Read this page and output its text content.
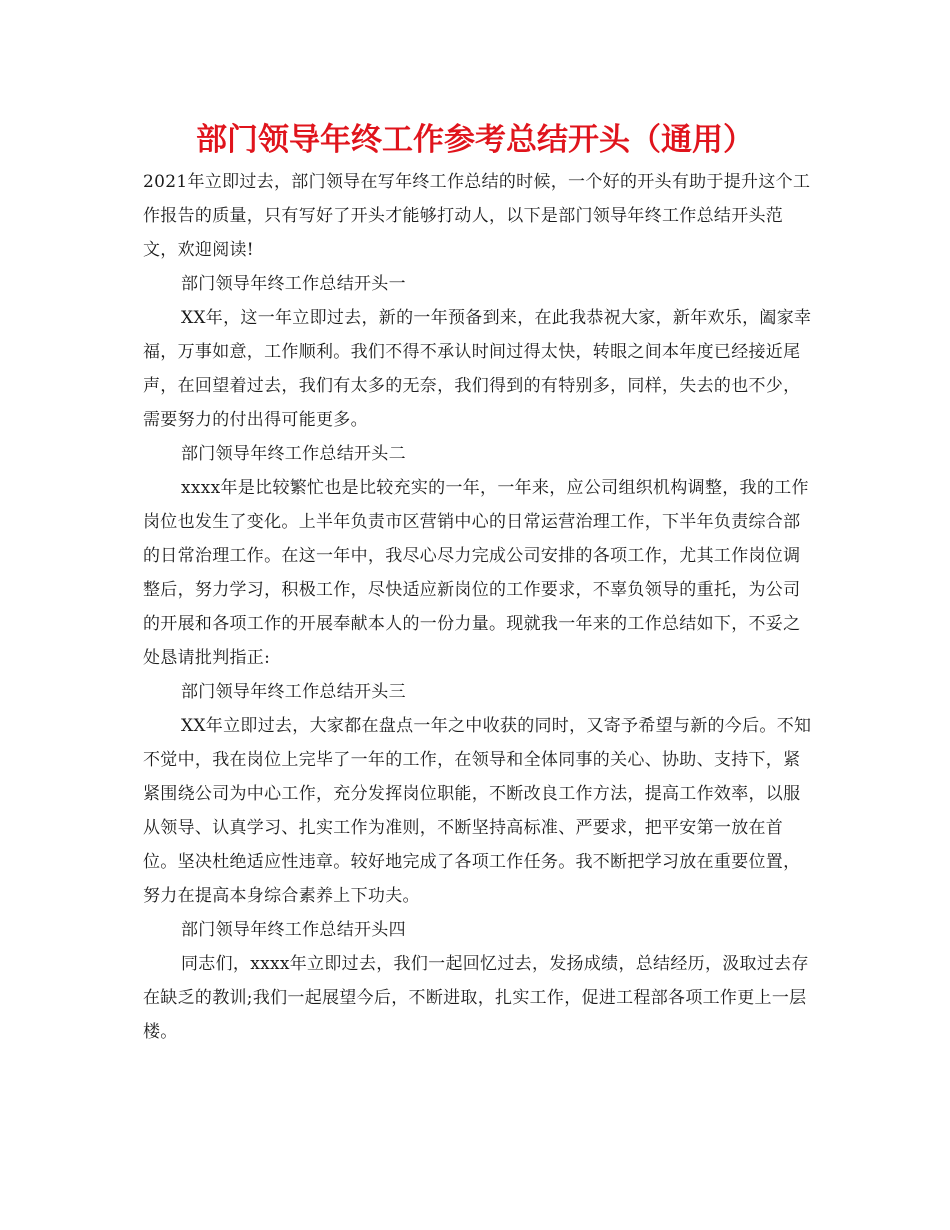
部门领导年终工作参考总结开头（通用）

2021年立即过去，部门领导在写年终工作总结的时候，一个好的开头有助于提升这个工作报告的质量，只有写好了开头才能够打动人，以下是部门领导年终工作总结开头范文，欢迎阅读!

部门领导年终工作总结开头一

XX年，这一年立即过去，新的一年预备到来，在此我恭祝大家，新年欢乐，阖家幸福，万事如意，工作顺利。我们不得不承认时间过得太快，转眼之间本年度已经接近尾声，在回望着过去，我们有太多的无奈，我们得到的有特别多，同样，失去的也不少，需要努力的付出得可能更多。

部门领导年终工作总结开头二

xxxx年是比较繁忙也是比较充实的一年，一年来，应公司组织机构调整，我的工作岗位也发生了变化。上半年负责市区营销中心的日常运营治理工作，下半年负责综合部的日常治理工作。在这一年中，我尽心尽力完成公司安排的各项工作，尤其工作岗位调整后，努力学习，积极工作，尽快适应新岗位的工作要求，不辜负领导的重托，为公司的开展和各项工作的开展奉献本人的一份力量。现就我一年来的工作总结如下，不妥之处恳请批判指正:

部门领导年终工作总结开头三

XX年立即过去，大家都在盘点一年之中收获的同时，又寄予希望与新的今后。不知不觉中，我在岗位上完毕了一年的工作，在领导和全体同事的关心、协助、支持下，紧紧围绕公司为中心工作，充分发挥岗位职能，不断改良工作方法，提高工作效率，以服从领导、认真学习、扎实工作为准则，不断坚持高标准、严要求，把平安第一放在首位。坚决杜绝适应性违章。较好地完成了各项工作任务。我不断把学习放在重要位置，努力在提高本身综合素养上下功夫。

部门领导年终工作总结开头四

同志们，xxxx年立即过去，我们一起回忆过去，发扬成绩，总结经历，汲取过去存在缺乏的教训;我们一起展望今后，不断进取，扎实工作，促进工程部各项工作更上一层楼。
